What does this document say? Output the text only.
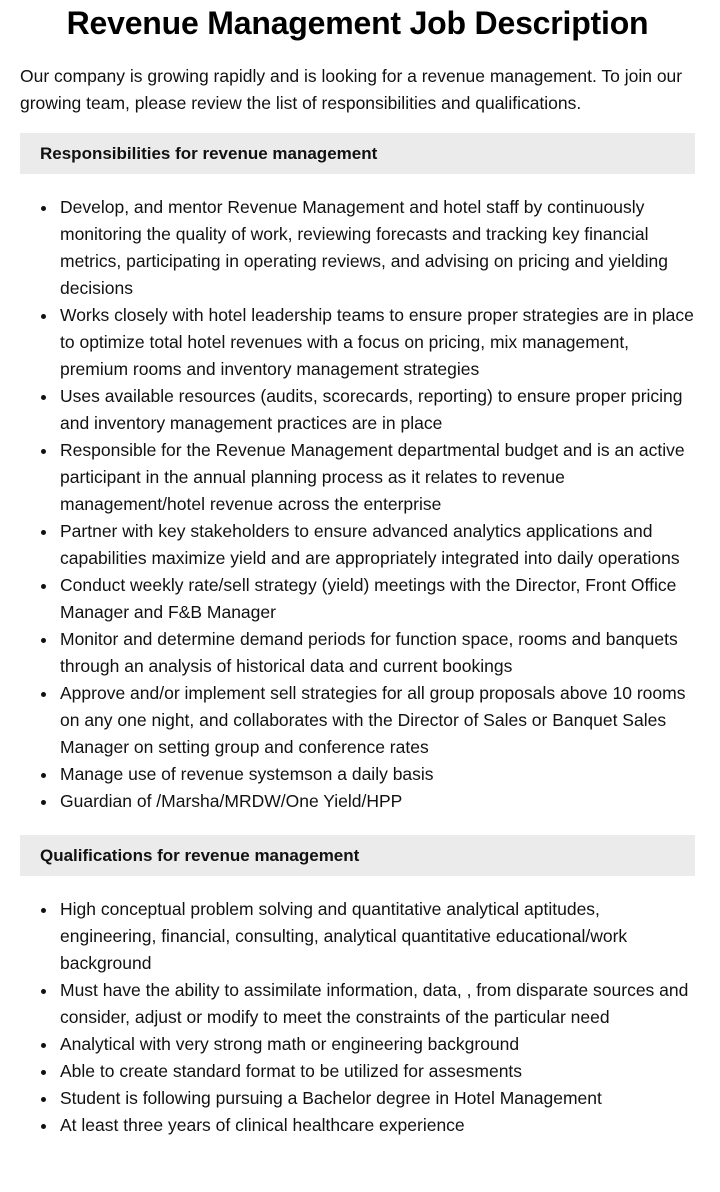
Revenue Management Job Description

Our company is growing rapidly and is looking for a revenue management. To join our growing team, please review the list of responsibilities and qualifications.

Responsibilities for revenue management
Develop, and mentor Revenue Management and hotel staff by continuously monitoring the quality of work, reviewing forecasts and tracking key financial metrics, participating in operating reviews, and advising on pricing and yielding decisions
Works closely with hotel leadership teams to ensure proper strategies are in place to optimize total hotel revenues with a focus on pricing, mix management, premium rooms and inventory management strategies
Uses available resources (audits, scorecards, reporting) to ensure proper pricing and inventory management practices are in place
Responsible for the Revenue Management departmental budget and is an active participant in the annual planning process as it relates to revenue management/hotel revenue across the enterprise
Partner with key stakeholders to ensure advanced analytics applications and capabilities maximize yield and are appropriately integrated into daily operations
Conduct weekly rate/sell strategy (yield) meetings with the Director, Front Office Manager and F&B Manager
Monitor and determine demand periods for function space, rooms and banquets through an analysis of historical data and current bookings
Approve and/or implement sell strategies for all group proposals above 10 rooms on any one night, and collaborates with the Director of Sales or Banquet Sales Manager on setting group and conference rates
Manage use of revenue systemson a daily basis
Guardian of /Marsha/MRDW/One Yield/HPP
Qualifications for revenue management
High conceptual problem solving and quantitative analytical aptitudes, engineering, financial, consulting, analytical quantitative educational/work background
Must have the ability to assimilate information, data, , from disparate sources and consider, adjust or modify to meet the constraints of the particular need
Analytical with very strong math or engineering background
Able to create standard format to be utilized for assesments
Student is following pursuing a Bachelor degree in Hotel Management
At least three years of clinical healthcare experience
